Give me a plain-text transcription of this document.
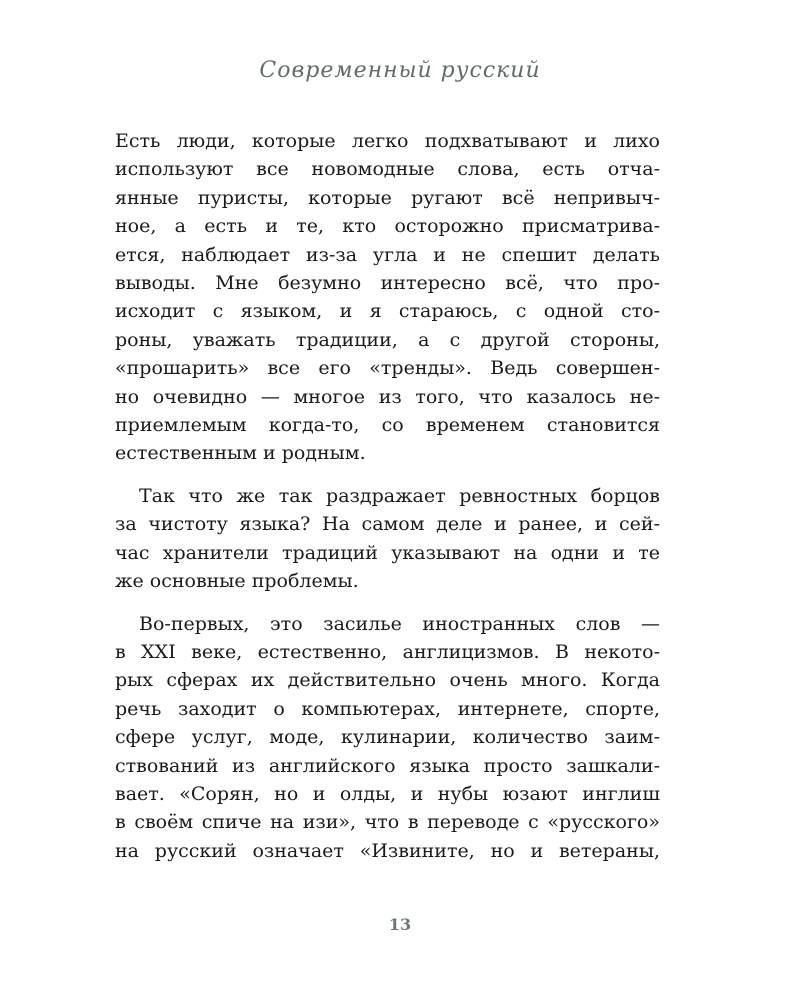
Современный русский
Есть люди, которые легко подхватывают и лихо
используют все новомодные слова, есть отча-
янные пуристы, которые ругают всё непривыч-
ное, а есть и те, кто осторожно присматрива-
ется, наблюдает из-за угла и не спешит делать
выводы. Мне безумно интересно всё, что про-
исходит с языком, и я стараюсь, с одной сто-
роны, уважать традиции, а с другой стороны,
«прошарить» все его «тренды». Ведь совершен-
но очевидно — многое из того, что казалось не-
приемлемым когда-то, со временем становится
естественным и родным.
Так что же так раздражает ревностных борцов
за чистоту языка? На самом деле и ранее, и сей-
час хранители традиций указывают на одни и те
же основные проблемы.
Во-первых, это засилье иностранных слов —
в XXI веке, естественно, англицизмов. В некото-
рых сферах их действительно очень много. Когда
речь заходит о компьютерах, интернете, спорте,
сфере услуг, моде, кулинарии, количество заим-
ствований из английского языка просто зашкали-
вает. «Сорян, но и олды, и нубы юзают инглиш
в своём спиче на изи», что в переводе с «русского»
на русский означает «Извините, но и ветераны,
13
